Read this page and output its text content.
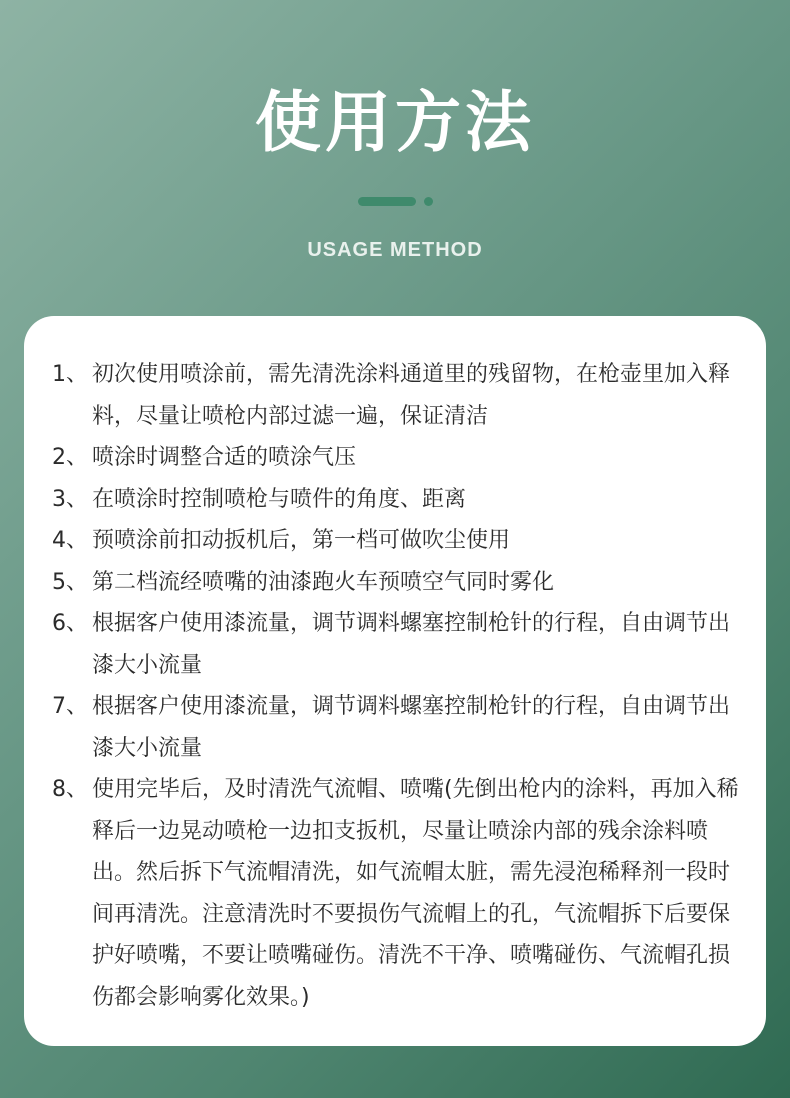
使用方法
USAGE METHOD
1、 初次使用喷涂前，需先清洗涂料通道里的残留物，在枪壶里加入释料，尽量让喷枪内部过滤一遍，保证清洁
2、 喷涂时调整合适的喷涂气压
3、 在喷涂时控制喷枪与喷件的角度、距离
4、 预喷涂前扣动扳机后，第一档可做吹尘使用
5、 第二档流经喷嘴的油漆跑火车预喷空气同时雾化
6、 根据客户使用漆流量，调节调料螺塞控制枪针的行程，自由调节出漆大小流量
7、 根据客户使用漆流量，调节调料螺塞控制枪针的行程，自由调节出漆大小流量
8、 使用完毕后，及时清洗气流帽、喷嘴(先倒出枪内的涂料，再加入稀释后一边晃动喷枪一边扣支扳机，尽量让喷涂内部的残余涂料喷出。然后拆下气流帽清洗，如气流帽太脏，需先浸泡稀释剂一段时间再清洗。注意清洗时不要损伤气流帽上的孔，气流帽拆下后要保护好喷嘴，不要让喷嘴碰伤。清洗不干净、喷嘴碰伤、气流帽孔损伤都会影响雾化效果。)
